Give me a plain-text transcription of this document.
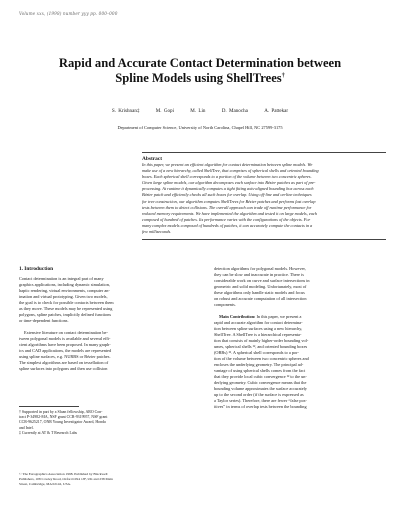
Volume xxx, (1998) number yyy pp. 000–000
Rapid and Accurate Contact Determination between
Spline Models using ShellTrees†
S. Krishnan‡	M. Gopi	M. Lin	D. Manocha	A. Pattekar
Department of Computer Science, University of North Carolina, Chapel Hill, NC 27599-3175
Abstract
In this paper, we present an efficient algorithm for contact determination between spline models. We
make use of a new hierarchy, called ShellTree, that comprises of spherical shells and oriented bounding
boxes. Each spherical shell corresponds to a portion of the volume between two concentric spheres.
Given large spline models, our algorithm decomposes each surface into Bézier patches as part of pre-
processing. At runtime it dynamically computes a tight fitting axis-aligned bounding box across each
Bézier patch and efficiently checks all such boxes for overlap. Using off-line and on-line techniques
for tree construction, our algorithm computes ShellTrees for Bézier patches and performs fast overlap
tests between them to detect collisions. The overall approach can trade off runtime performance for
reduced memory requirements. We have implemented the algorithm and tested it on large models, each
composed of hundred of patches. Its performance varies with the configurations of the objects. For
many complex models composed of hundreds of patches, it can accurately compute the contacts in a
few milliseconds.
1. Introduction
Contact determination is an integral part of many
graphics applications, including dynamic simulation,
haptic rendering, virtual environments, computer an-
imation and virtual prototyping. Given two models,
the goal is to check for possible contacts between them
as they move. These models may be represented using
polygons, spline patches, implicitly defined functions
or time-dependent functions.
Extensive literature on contact determination be-
tween polygonal models is available and several effi-
cient algorithms have been proposed. In many graph-
ics and CAD applications, the models are represented
using spline surfaces, e.g. NURBS or Bézier patches.
The simplest algorithms are based on tessellation of
spline surfaces into polygons and then use collision
† Supported in part by a Sloan fellowship, ARO Con-
tract P-34982-MA, NSF grant CCR-9319957, NSF grant
CCR-9625217, ONR Young Investigator Award, Honda
and Intel.
‡ Currently at AT & T Research Labs
© The Eurographics Association 1998. Published by Blackwell
Publishers, 108 Cowley Road, Oxford OX4 1JF, UK and 238 Main
Street, Cambridge, MA 02142, USA.
detection algorithms for polygonal models. However,
they can be slow and inaccurate in practice. There is
considerable work on curve and surface intersections in
geometric and solid modeling. Unfortunately, most of
these algorithms only handle static models and focus
on robust and accurate computation of all intersection
components.
Main Contribution: In this paper, we present a
rapid and accurate algorithm for contact determina-
tion between spline surfaces using a new hierarchy,
ShellTree. A ShellTree is a hierarchical representa-
tion that consists of mainly higher-order bounding vol-
umes, spherical shells ¹², and oriented bounding boxes
(OBBs) ¹³. A spherical shell corresponds to a por-
tion of the volume between two concentric spheres and
encloses the underlying geometry. The principal ad-
vantage of using spherical shells comes from the fact
that they provide local cubic convergence ¹² to the un-
derlying geometry. Cubic convergence means that the
bounding volume approximates the surface accurately
up to the second order (if the surface is expressed as
a Taylor series). Therefore, there are fewer “false pos-
itives” in terms of overlap tests between the bounding
